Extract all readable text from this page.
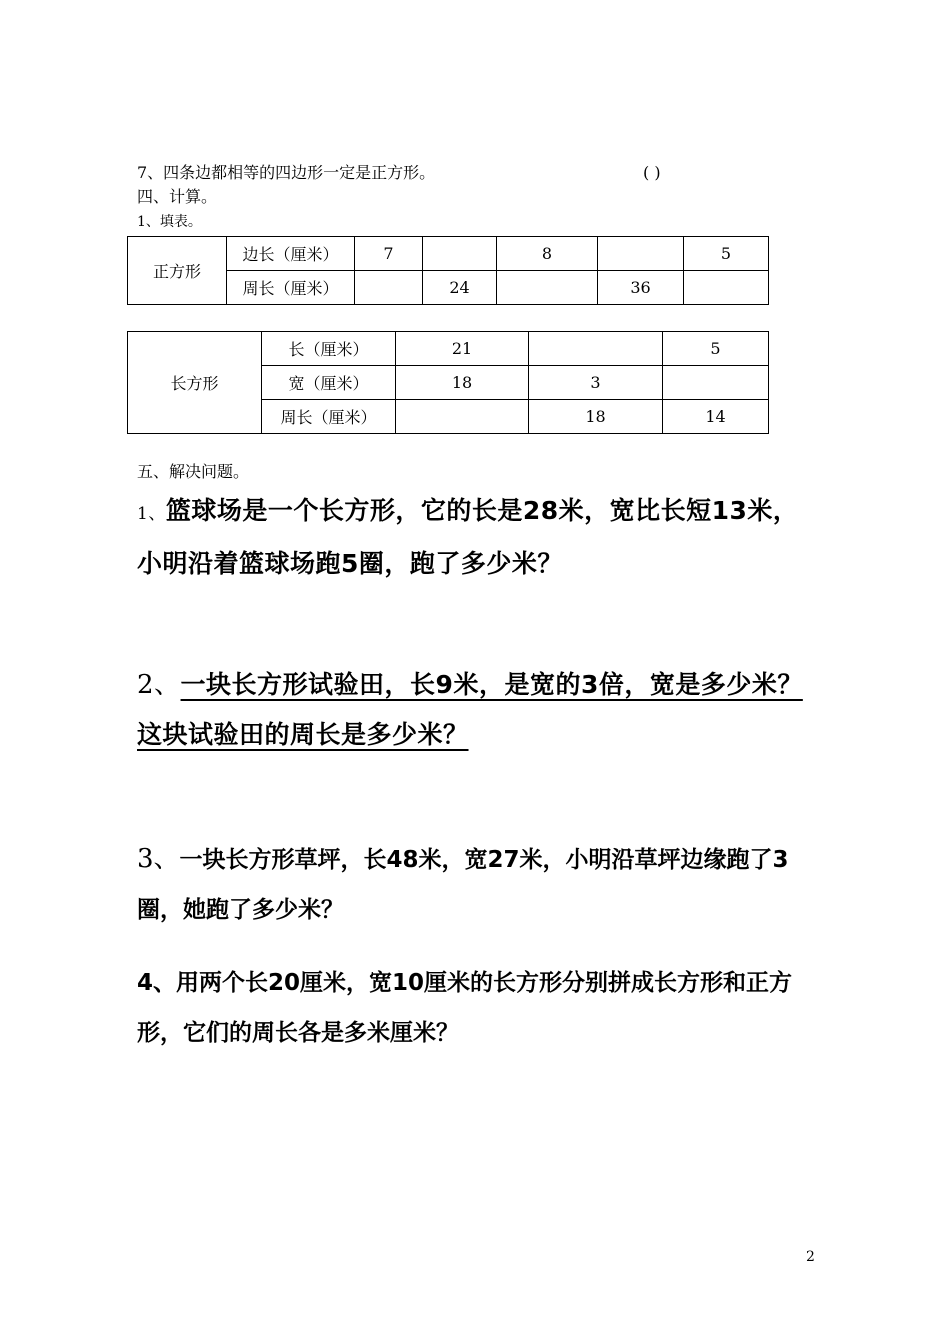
7、四条边都相等的四边形一定是正方形。	( )
四、计算。
1、填表。
正方形	边长（厘米）	7		8		5
	周长（厘米）		24		36	
长方形	长（厘米）	21		5
	宽（厘米）	18	3	
	周长（厘米）		18	14
五、解决问题。
1、篮球场是一个长方形，它的长是28米，宽比长短13米，小明沿着篮球场跑5圈，跑了多少米？
2、一块长方形试验田，长9米，是宽的3倍，宽是多少米？这块试验田的周长是多少米？
3、一块长方形草坪，长48米，宽27米，小明沿草坪边缘跑了3圈，她跑了多少米？
4、用两个长20厘米，宽10厘米的长方形分别拼成长方形和正方形，它们的周长各是多米厘米？
2
